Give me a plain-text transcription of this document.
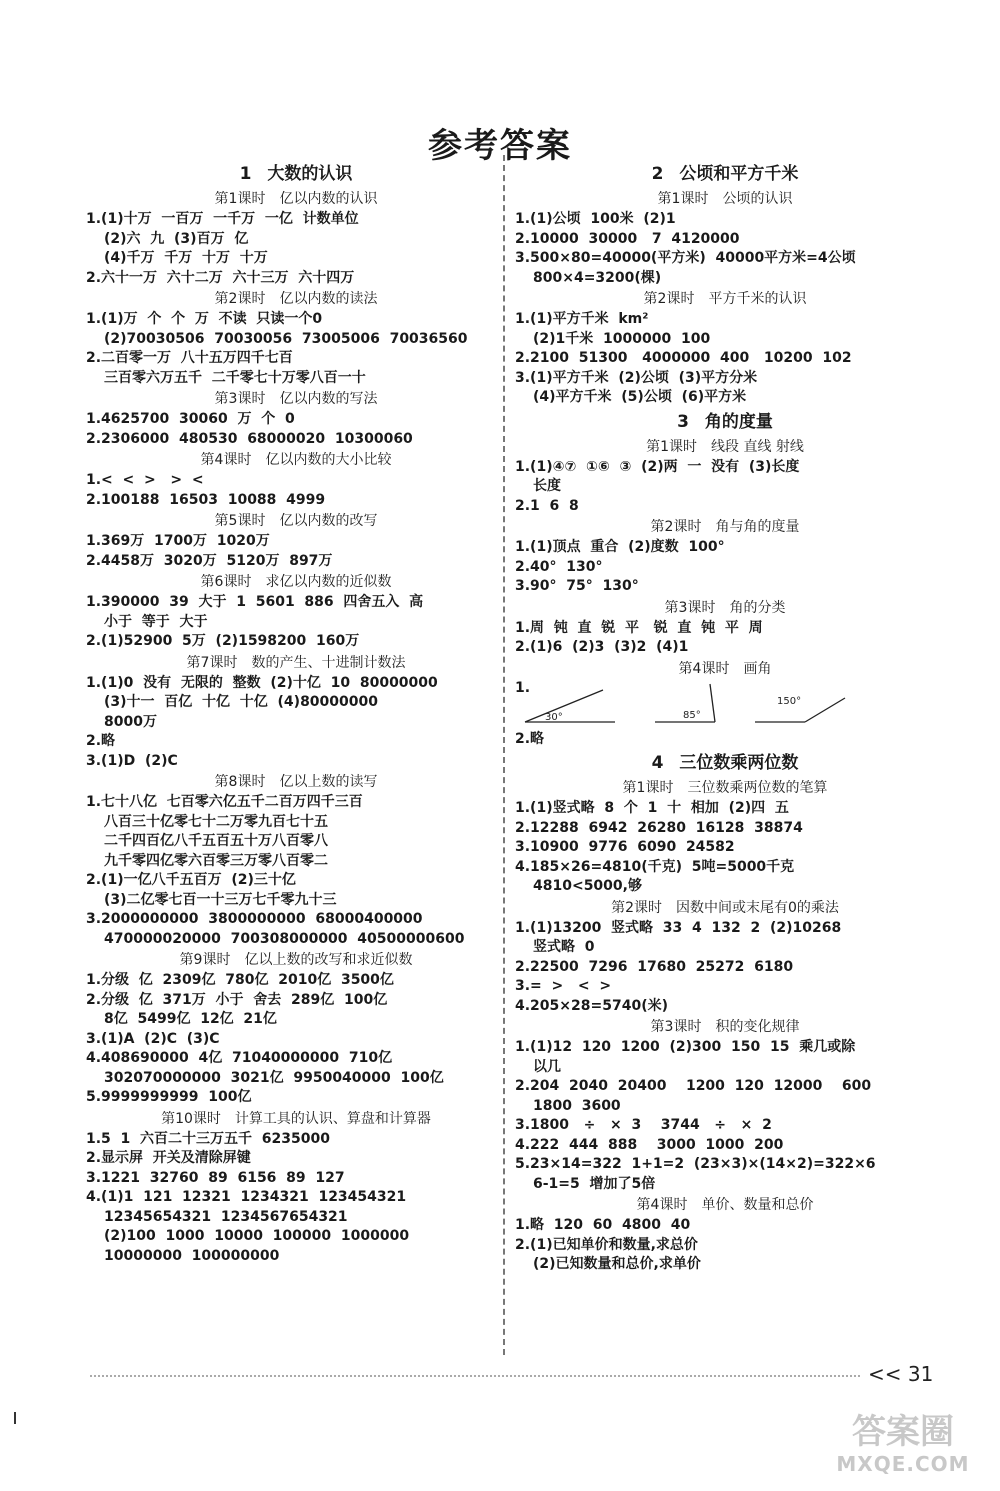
参考答案
1 大数的认识
第1课时 亿以内数的认识
1.(1)十万  一百万  一千万  一亿  计数单位
(2)六  九  (3)百万  亿
(4)千万  千万  十万  十万
2.六十一万  六十二万  六十三万  六十四万
第2课时 亿以内数的读法
1.(1)万  个  个  万  不读  只读一个0
(2)70030506  70030056  73005006  70036560
2.二百零一万  八十五万四千七百
三百零六万五千  二千零七十万零八百一十
第3课时 亿以内数的写法
1.4625700  30060  万  个  0
2.2306000  480530  68000020  10300060
第4课时 亿以内数的大小比较
1.<  <  >   >  <
2.100188  16503  10088  4999
第5课时 亿以内数的改写
1.369万  1700万  1020万
2.4458万  3020万  5120万  897万
第6课时 求亿以内数的近似数
1.390000  39  大于  1  5601  886  四舍五入  高
小于  等于  大于
2.(1)52900  5万  (2)1598200  160万
第7课时 数的产生、十进制计数法
1.(1)0  没有  无限的  整数  (2)十亿  10  80000000
(3)十一  百亿  十亿  十亿  (4)80000000
8000万
2.略
3.(1)D  (2)C
第8课时 亿以上数的读写
1.七十八亿  七百零六亿五千二百万四千三百
八百三十亿零七十二万零九百七十五
二千四百亿八千五百五十万八百零八
九千零四亿零六百零三万零八百零二
2.(1)一亿八千五百万  (2)三十亿
(3)二亿零七百一十三万七千零九十三
3.2000000000  3800000000  68000400000
470000020000  700308000000  40500000600
第9课时 亿以上数的改写和求近似数
1.分级  亿  2309亿  780亿  2010亿  3500亿
2.分级  亿  371万  小于  舍去  289亿  100亿
8亿  5499亿  12亿  21亿
3.(1)A  (2)C  (3)C
4.408690000  4亿  71040000000  710亿
302070000000  3021亿  9950040000  100亿
5.9999999999  100亿
第10课时 计算工具的认识、算盘和计算器
1.5  1  六百二十三万五千  6235000
2.显示屏  开关及清除屏键
3.1221  32760  89  6156  89  127
4.(1)1  121  12321  1234321  123454321
12345654321  1234567654321
(2)100  1000  10000  100000  1000000
10000000  100000000
2 公顷和平方千米
第1课时 公顷的认识
1.(1)公顷  100米  (2)1
2.10000  30000   7  4120000
3.500×80=40000(平方米)  40000平方米=4公顷
800×4=3200(棵)
第2课时 平方千米的认识
1.(1)平方千米  km²
(2)1千米  1000000  100
2.2100  51300   4000000  400   10200  102
3.(1)平方千米  (2)公顷  (3)平方分米
(4)平方千米  (5)公顷  (6)平方米
3 角的度量
第1课时 线段 直线 射线
1.(1)④⑦  ①⑥  ③  (2)两  一  没有  (3)长度
长度
2.1  6  8
第2课时 角与角的度量
1.(1)顶点  重合  (2)度数  100°
2.40°  130°
3.90°  75°  130°
第3课时 角的分类
1.周  钝  直  锐  平   锐  直  钝  平  周
2.(1)6  (2)3  (3)2  (4)1
第4课时 画角
1.
30°	85°
150°
2.略
4 三位数乘两位数
第1课时 三位数乘两位数的笔算
1.(1)竖式略  8  个  1  十  相加  (2)四  五
2.12288  6942  26280  16128  38874
3.10900  9776  6090  24582
4.185×26=4810(千克)  5吨=5000千克
4810<5000,够
第2课时 因数中间或末尾有0的乘法
1.(1)13200  竖式略  33  4  132  2  (2)10268
竖式略  0
2.22500  7296  17680  25272  6180
3.=  >   <  >
4.205×28=5740(米)
第3课时 积的变化规律
1.(1)12  120  1200  (2)300  150  15  乘几或除
以几
2.204  2040  20400    1200  120  12000    600
1800  3600
3.1800   ÷   ×  3    3744   ÷   ×  2
4.222  444  888    3000  1000  200
5.23×14=322  1+1=2  (23×3)×(14×2)=322×6
6-1=5  增加了5倍
第4课时 单价、数量和总价
1.略  120  60  4800  40
2.(1)已知单价和数量,求总价
(2)已知数量和总价,求单价
<< 31
答案圈
MXQE.COM
